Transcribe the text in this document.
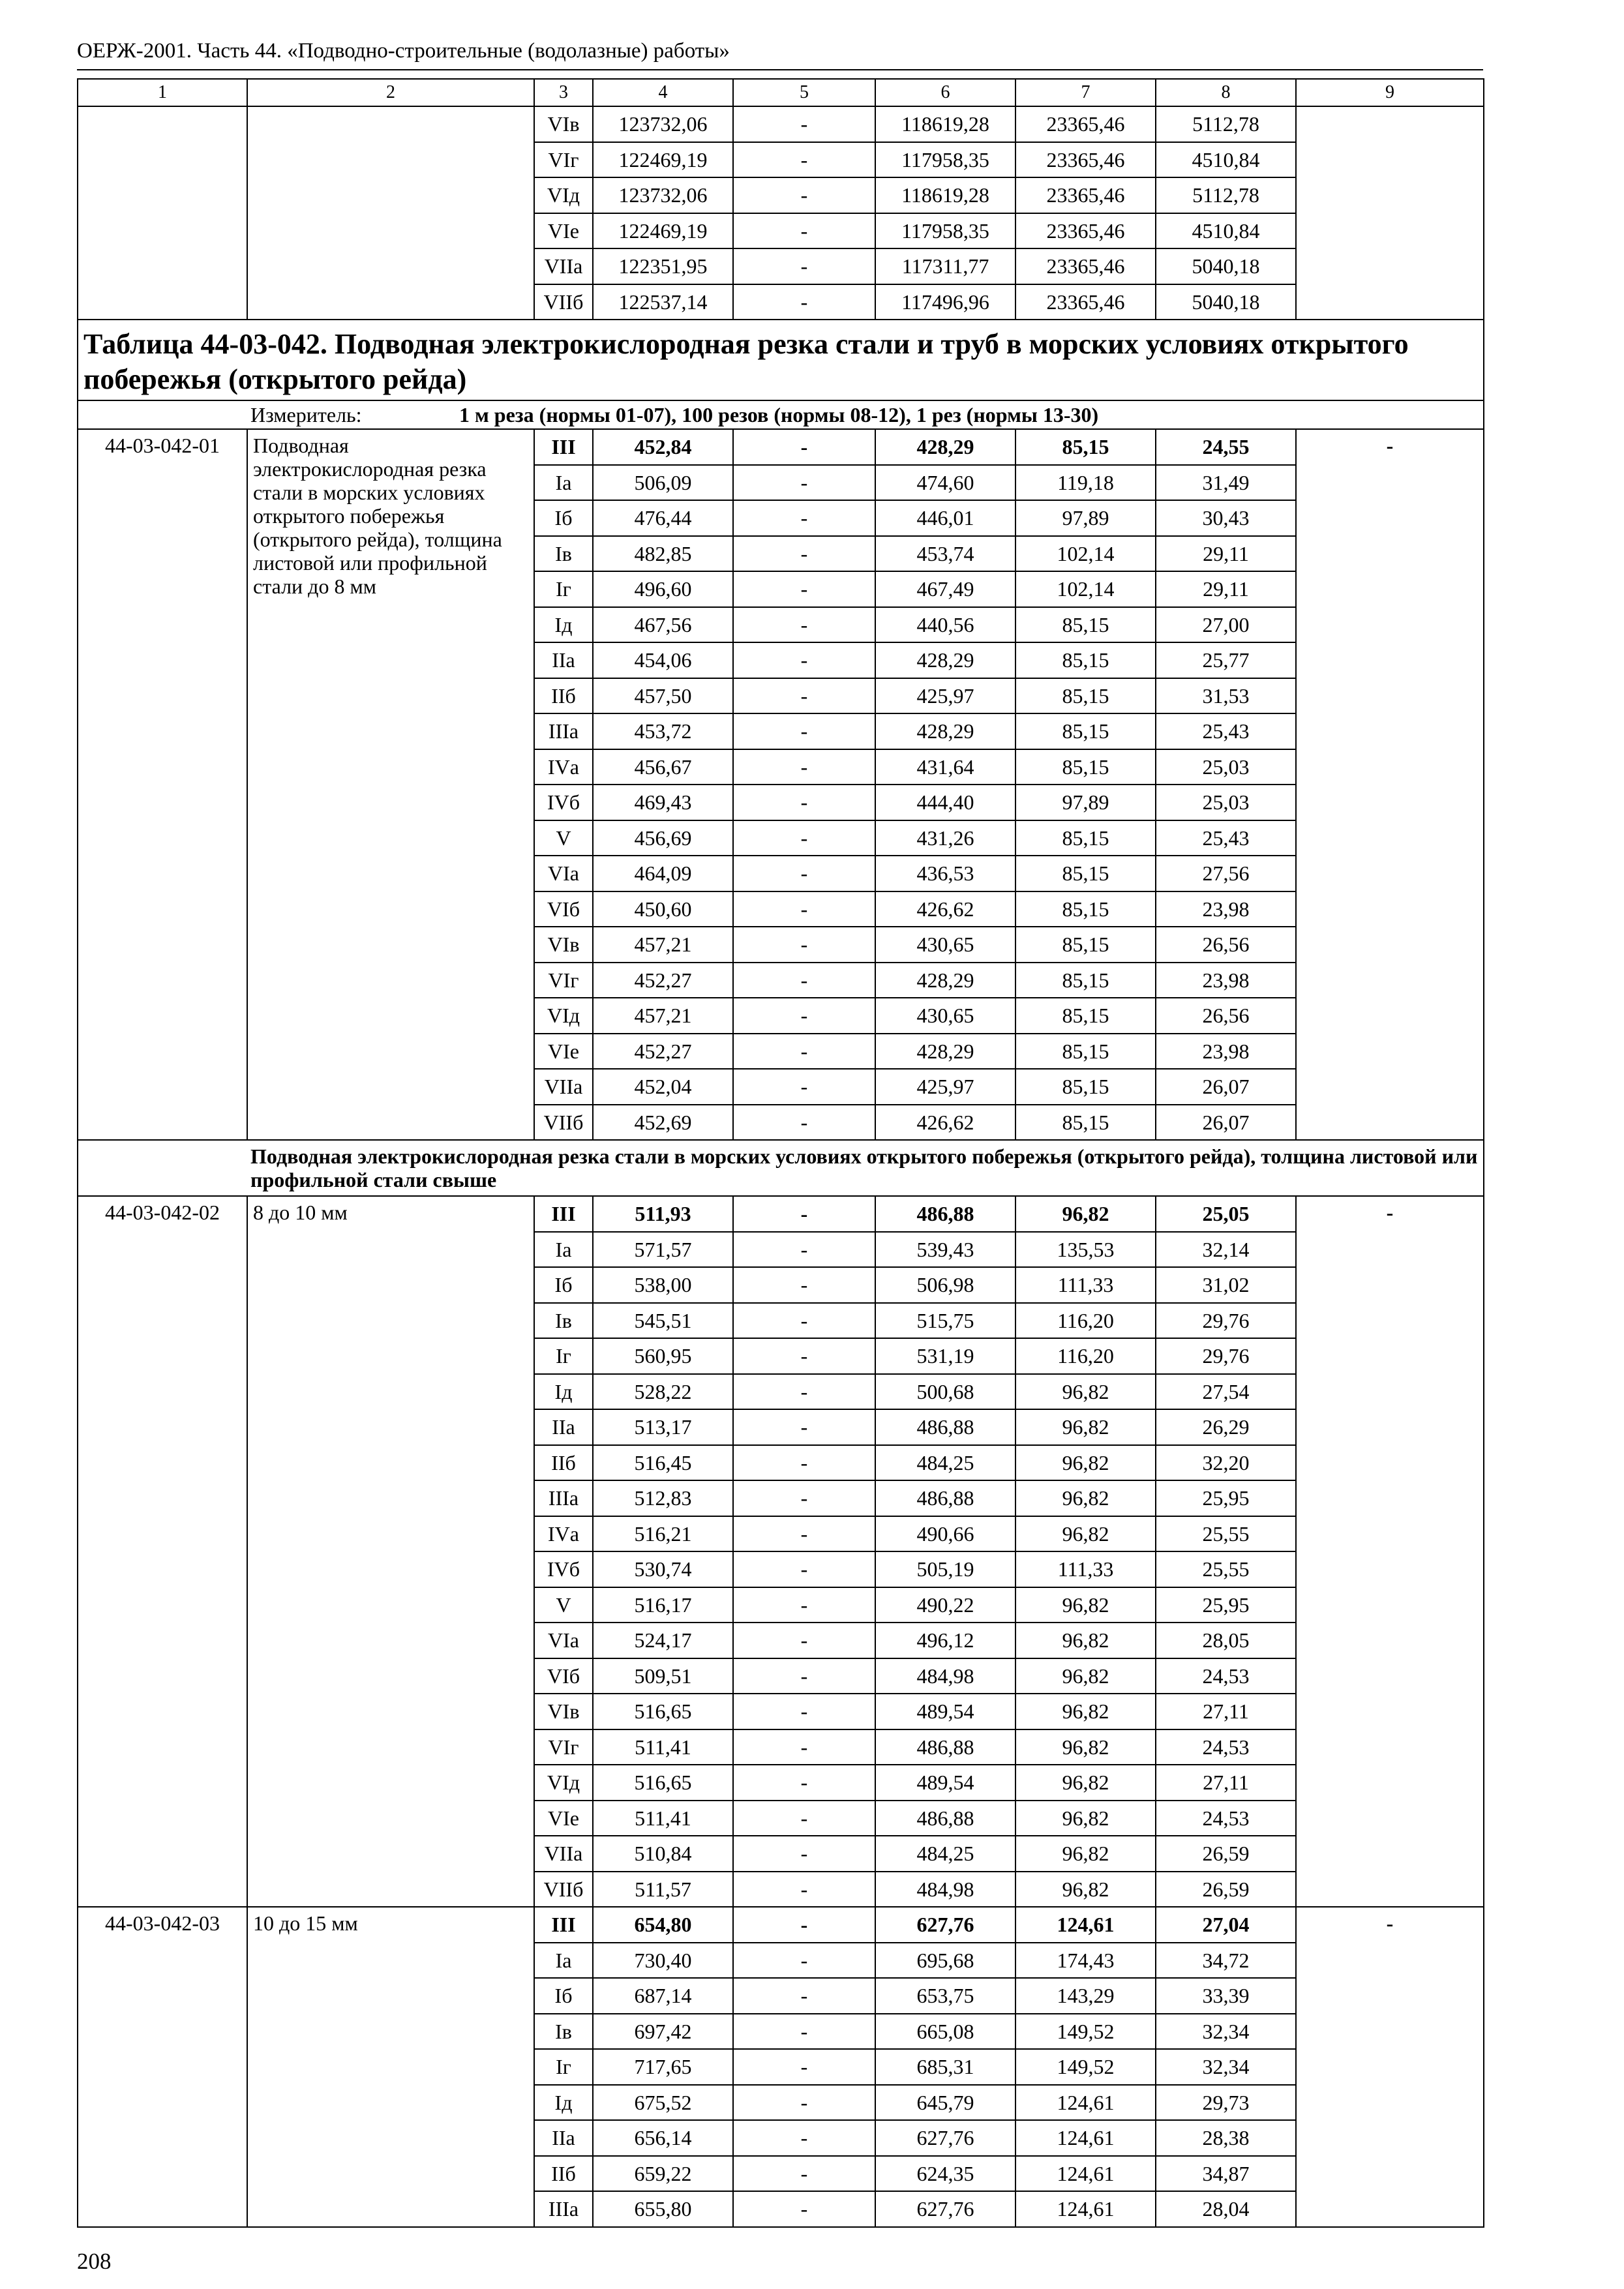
ОЕРЖ-2001. Часть 44. «Подводно-строительные (водолазные) работы»
1	2	3	4	5	6	7	8	9
		VIв	123732,06	-	118619,28	23365,46	5112,78	
		VIг	122469,19	-	117958,35	23365,46	4510,84	
		VIд	123732,06	-	118619,28	23365,46	5112,78	
		VIе	122469,19	-	117958,35	23365,46	4510,84	
		VIIа	122351,95	-	117311,77	23365,46	5040,18	
		VIIб	122537,14	-	117496,96	23365,46	5040,18	
Таблица 44-03-042. Подводная электрокислородная резка стали и труб в морских условиях открытого побережья (открытого рейда)								
Измеритель: 1 м реза (нормы 01-07), 100 резов (нормы 08-12), 1 рез (нормы 13-30)								
44-03-042-01	Подводная электрокислородная резка стали в морских условиях открытого побережья (открытого рейда), толщина листовой или профильной стали до 8 мм	III	452,84	-	428,29	85,15	24,55	-
		Iа	506,09	-	474,60	119,18	31,49	
		Iб	476,44	-	446,01	97,89	30,43	
		Iв	482,85	-	453,74	102,14	29,11	
		Iг	496,60	-	467,49	102,14	29,11	
		Iд	467,56	-	440,56	85,15	27,00	
		IIа	454,06	-	428,29	85,15	25,77	
		IIб	457,50	-	425,97	85,15	31,53	
		IIIа	453,72	-	428,29	85,15	25,43	
		IVа	456,67	-	431,64	85,15	25,03	
		IVб	469,43	-	444,40	97,89	25,03	
		V	456,69	-	431,26	85,15	25,43	
		VIа	464,09	-	436,53	85,15	27,56	
		VIб	450,60	-	426,62	85,15	23,98	
		VIв	457,21	-	430,65	85,15	26,56	
		VIг	452,27	-	428,29	85,15	23,98	
		VIд	457,21	-	430,65	85,15	26,56	
		VIе	452,27	-	428,29	85,15	23,98	
		VIIа	452,04	-	425,97	85,15	26,07	
		VIIб	452,69	-	426,62	85,15	26,07	
Подводная электрокислородная резка стали в морских условиях открытого побережья (открытого рейда), толщина листовой или профильной стали свыше								
44-03-042-02	8 до 10 мм	III	511,93	-	486,88	96,82	25,05	-
		Iа	571,57	-	539,43	135,53	32,14	
		Iб	538,00	-	506,98	111,33	31,02	
		Iв	545,51	-	515,75	116,20	29,76	
		Iг	560,95	-	531,19	116,20	29,76	
		Iд	528,22	-	500,68	96,82	27,54	
		IIа	513,17	-	486,88	96,82	26,29	
		IIб	516,45	-	484,25	96,82	32,20	
		IIIа	512,83	-	486,88	96,82	25,95	
		IVа	516,21	-	490,66	96,82	25,55	
		IVб	530,74	-	505,19	111,33	25,55	
		V	516,17	-	490,22	96,82	25,95	
		VIа	524,17	-	496,12	96,82	28,05	
		VIб	509,51	-	484,98	96,82	24,53	
		VIв	516,65	-	489,54	96,82	27,11	
		VIг	511,41	-	486,88	96,82	24,53	
		VIд	516,65	-	489,54	96,82	27,11	
		VIе	511,41	-	486,88	96,82	24,53	
		VIIа	510,84	-	484,25	96,82	26,59	
		VIIб	511,57	-	484,98	96,82	26,59	
44-03-042-03	10 до 15 мм	III	654,80	-	627,76	124,61	27,04	-
		Iа	730,40	-	695,68	174,43	34,72	
		Iб	687,14	-	653,75	143,29	33,39	
		Iв	697,42	-	665,08	149,52	32,34	
		Iг	717,65	-	685,31	149,52	32,34	
		Iд	675,52	-	645,79	124,61	29,73	
		IIа	656,14	-	627,76	124,61	28,38	
		IIб	659,22	-	624,35	124,61	34,87	
		IIIа	655,80	-	627,76	124,61	28,04	
208
